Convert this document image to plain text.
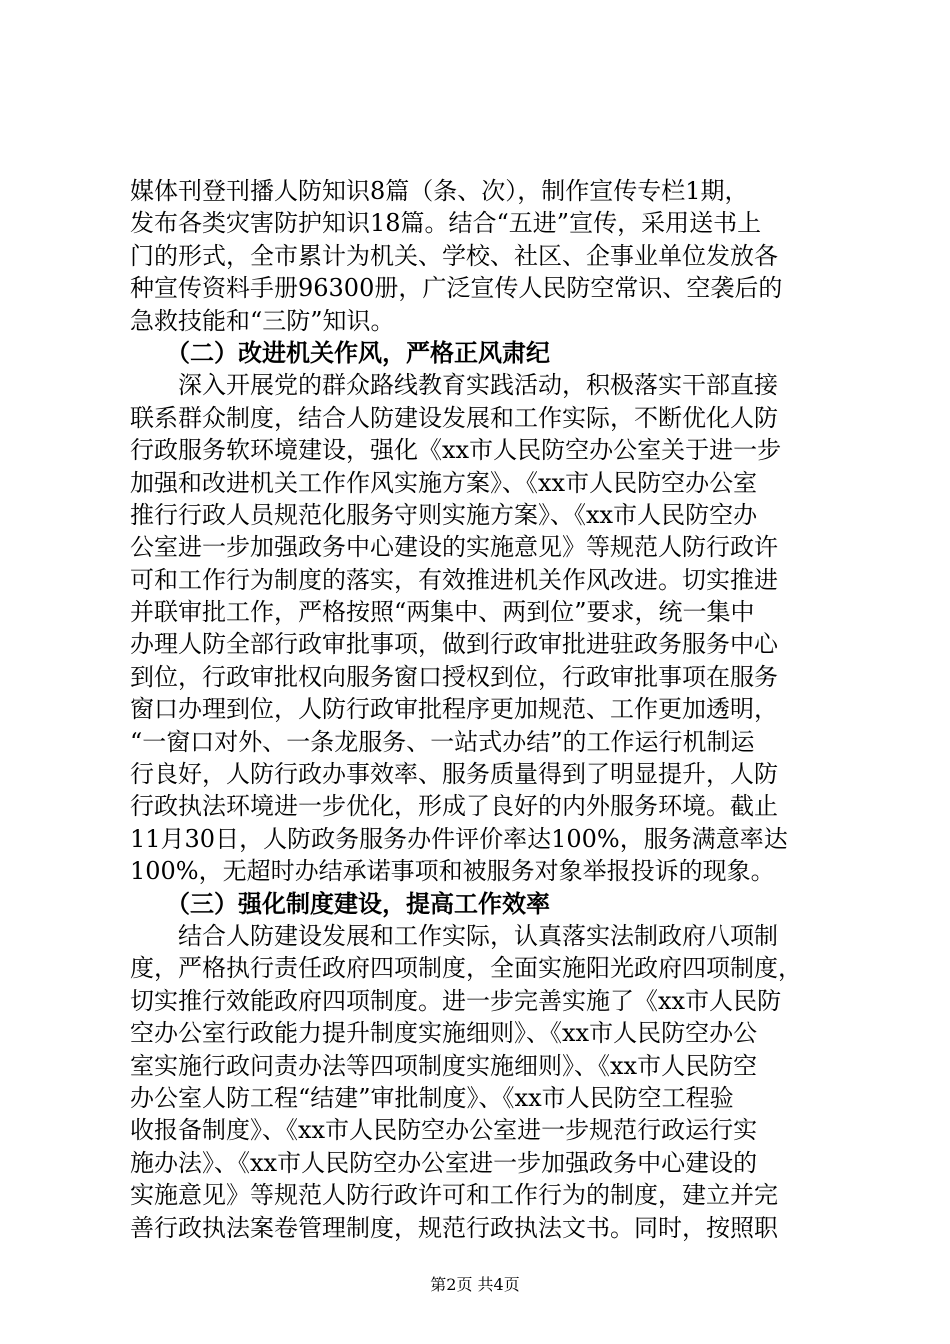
媒体刊登刊播人防知识8篇（条、次），制作宣传专栏1期，
发布各类灾害防护知识18篇。结合“五进”宣传，采用送书上
门的形式，全市累计为机关、学校、社区、企事业单位发放各
种宣传资料手册96300册，广泛宣传人民防空常识、空袭后的
急救技能和“三防”知识。
（二）改进机关作风，严格正风肃纪
深入开展党的群众路线教育实践活动，积极落实干部直接
联系群众制度，结合人防建设发展和工作实际，不断优化人防
行政服务软环境建设，强化《xx市人民防空办公室关于进一步
加强和改进机关工作作风实施方案》、《xx市人民防空办公室
推行行政人员规范化服务守则实施方案》、《xx市人民防空办
公室进一步加强政务中心建设的实施意见》等规范人防行政许
可和工作行为制度的落实，有效推进机关作风改进。切实推进
并联审批工作，严格按照“两集中、两到位”要求，统一集中
办理人防全部行政审批事项，做到行政审批进驻政务服务中心
到位，行政审批权向服务窗口授权到位，行政审批事项在服务
窗口办理到位，人防行政审批程序更加规范、工作更加透明，
“一窗口对外、一条龙服务、一站式办结”的工作运行机制运
行良好，人防行政办事效率、服务质量得到了明显提升，人防
行政执法环境进一步优化，形成了良好的内外服务环境。截止
11月30日，人防政务服务办件评价率达100%，服务满意率达
100%，无超时办结承诺事项和被服务对象举报投诉的现象。
（三）强化制度建设，提高工作效率
结合人防建设发展和工作实际，认真落实法制政府八项制
度，严格执行责任政府四项制度，全面实施阳光政府四项制度，
切实推行效能政府四项制度。进一步完善实施了《xx市人民防
空办公室行政能力提升制度实施细则》、《xx市人民防空办公
室实施行政问责办法等四项制度实施细则》、《xx市人民防空
办公室人防工程“结建”审批制度》、《xx市人民防空工程验
收报备制度》、《xx市人民防空办公室进一步规范行政运行实
施办法》、《xx市人民防空办公室进一步加强政务中心建设的
实施意见》等规范人防行政许可和工作行为的制度，建立并完
善行政执法案卷管理制度，规范行政执法文书。同时，按照职
第2页 共4页
